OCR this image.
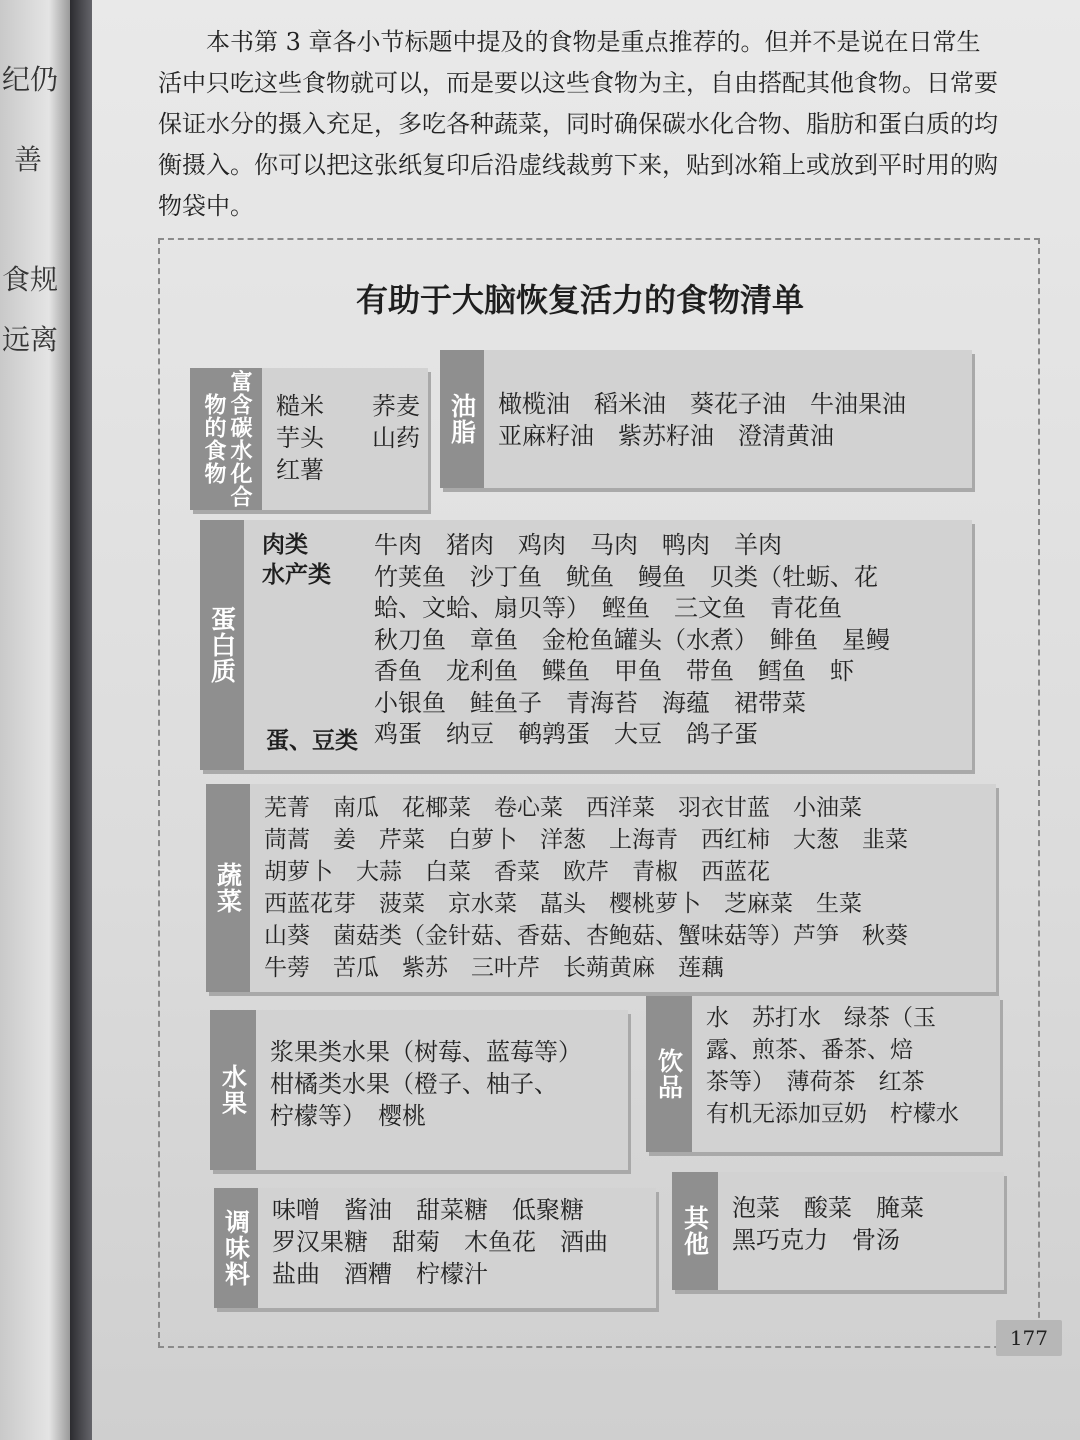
纪仍
善
食规
远离

本书第 3 章各小节标题中提及的食物是重点推荐的。但并不是说在日常生活中只吃这些食物就可以，而是要以这些食物为主，自由搭配其他食物。日常要保证水分的摄入充足，多吃各种蔬菜，同时确保碳水化合物、脂肪和蛋白质的均衡摄入。你可以把这张纸复印后沿虚线裁剪下来，贴到冰箱上或放到平时用的购物袋中。

有助于大脑恢复活力的食物清单
富含碳水化合物的食物	糙米　　荞麦
芋头　　山药
红薯
油脂 橄榄油　稻米油　葵花子油　牛油果油
亚麻籽油　紫苏籽油　澄清黄油
蛋白质
肉类
水产类
蛋、豆类
牛肉　猪肉　鸡肉　马肉　鸭肉　羊肉
竹荚鱼　沙丁鱼　鱿鱼　鳗鱼　贝类（牡蛎、花
蛤、文蛤、扇贝等）　鲣鱼　三文鱼　青花鱼
秋刀鱼　章鱼　金枪鱼罐头（水煮）　鲱鱼　星鳗
香鱼　龙利鱼　鲽鱼　甲鱼　带鱼　鳕鱼　虾
小银鱼　鲑鱼子　青海苔　海蕴　裙带菜
鸡蛋　纳豆　鹌鹑蛋　大豆　鸽子蛋
蔬菜
芜菁　南瓜　花椰菜　卷心菜　西洋菜　羽衣甘蓝　小油菜
茼蒿　姜　芹菜　白萝卜　洋葱　上海青　西红柿　大葱　韭菜
胡萝卜　大蒜　白菜　香菜　欧芹　青椒　西蓝花
西蓝花芽　菠菜　京水菜　蕌头　樱桃萝卜　芝麻菜　生菜
山葵　菌菇类（金针菇、香菇、杏鲍菇、蟹味菇等）芦笋　秋葵
牛蒡　苦瓜　紫苏　三叶芹　长蒴黄麻　莲藕
水果
浆果类水果（树莓、蓝莓等）
柑橘类水果（橙子、柚子、
柠檬等）　樱桃
饮品
水　苏打水　绿茶（玉
露、煎茶、番茶、焙
茶等）　薄荷茶　红茶
有机无添加豆奶　柠檬水
调味料 味噌　酱油　甜菜糖　低聚糖
罗汉果糖　甜菊　木鱼花　酒曲
盐曲　酒糟　柠檬汁
其他 泡菜　酸菜　腌菜
黑巧克力　骨汤
177
